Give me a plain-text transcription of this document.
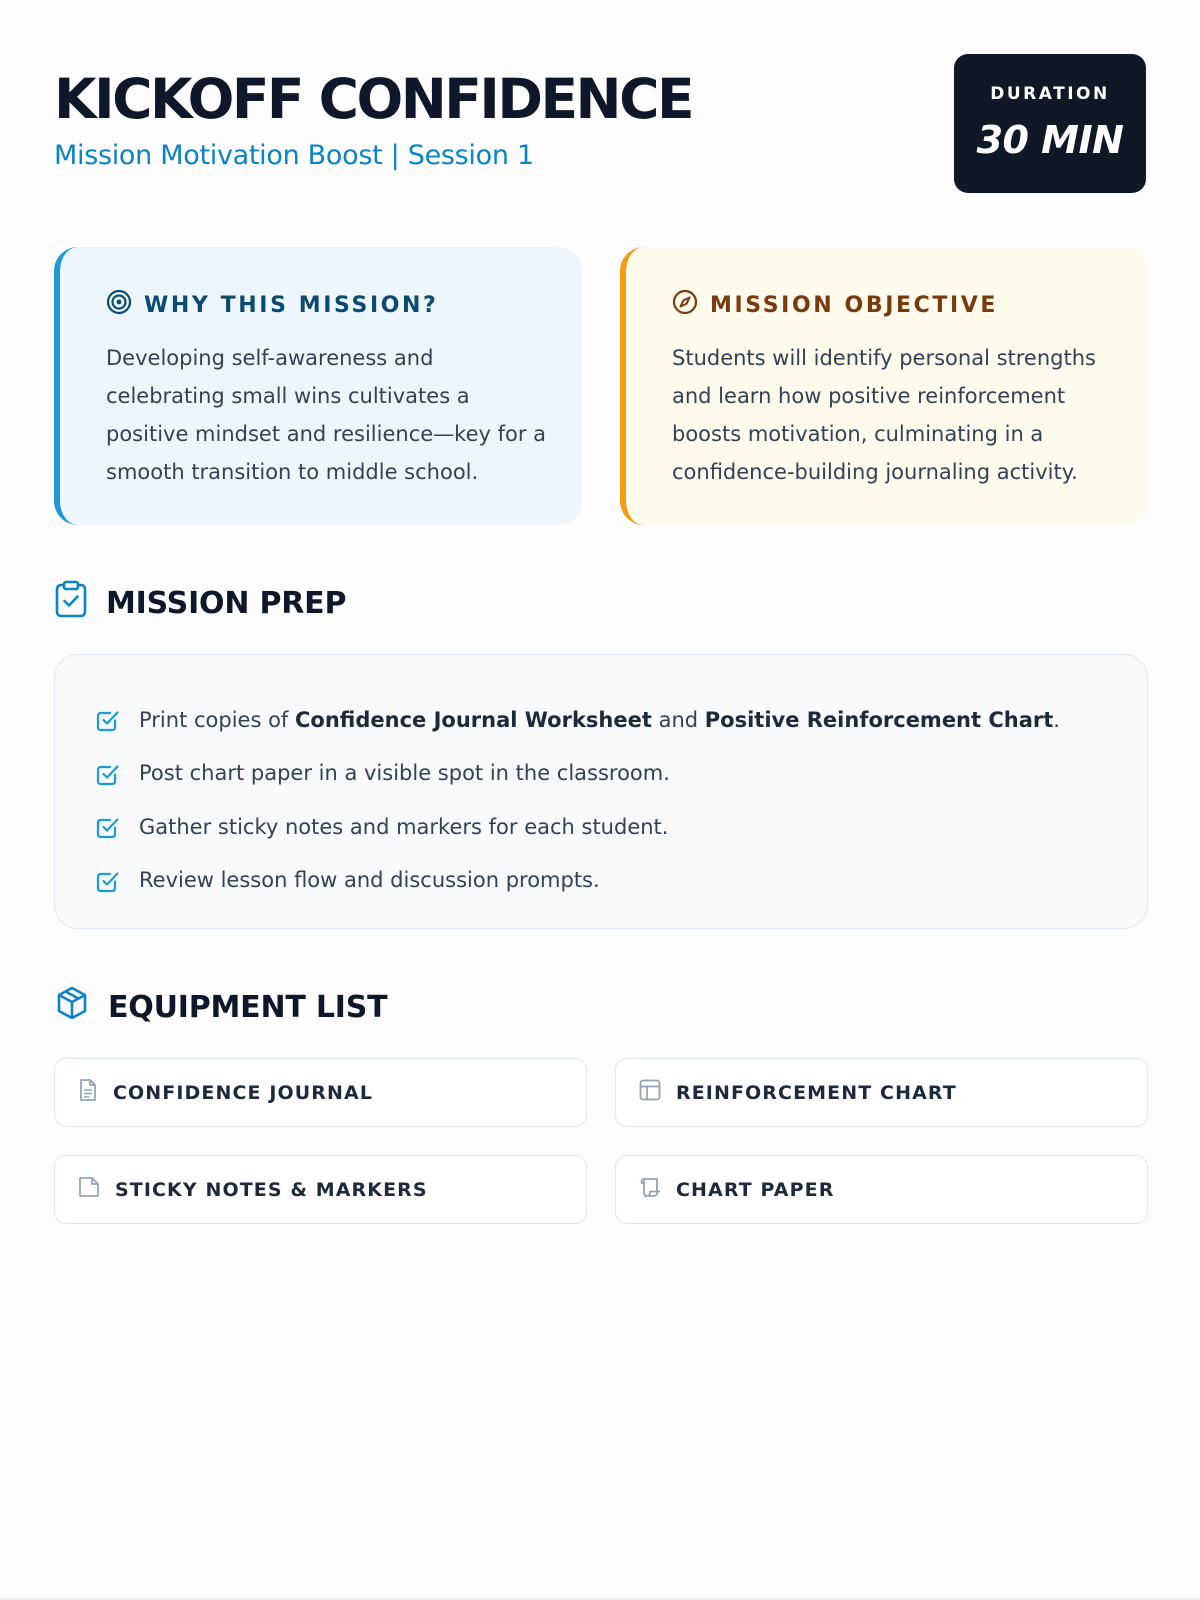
KICKOFF CONFIDENCE
Mission Motivation Boost | Session 1
DURATION
30 MIN
WHY THIS MISSION?
Developing self-awareness and celebrating small wins cultivates a positive mindset and resilience—key for a smooth transition to middle school.
MISSION OBJECTIVE
Students will identify personal strengths and learn how positive reinforcement boosts motivation, culminating in a confidence-building journaling activity.
MISSION PREP
Print copies of Confidence Journal Worksheet and Positive Reinforcement Chart.
Post chart paper in a visible spot in the classroom.
Gather sticky notes and markers for each student.
Review lesson flow and discussion prompts.
EQUIPMENT LIST
CONFIDENCE JOURNAL	REINFORCEMENT CHART
STICKY NOTES & MARKERS	CHART PAPER
